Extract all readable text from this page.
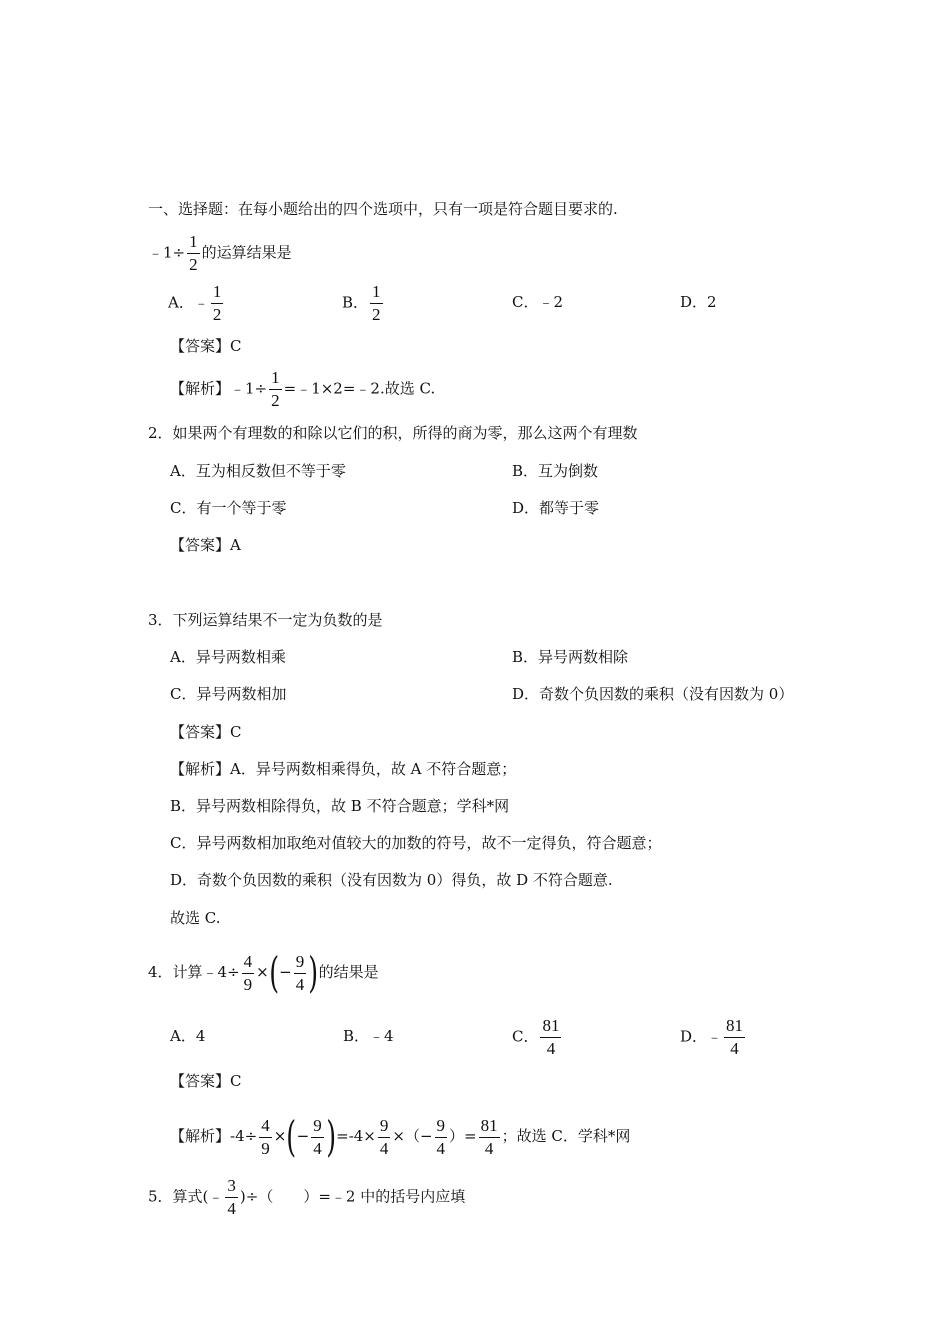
一、选择题：在每小题给出的四个选项中，只有一项是符合题目要求的.
﹣1÷ $\frac{1}{2}$ 的运算结果是
A．﹣ $\frac{1}{2}$	B． $\frac{1}{2}$	C．﹣2	D．2
【答案】C
【解析】﹣1÷ $\frac{1}{2}$ =﹣1×2=﹣2.故选 C.
2．如果两个有理数的和除以它们的积，所得的商为零，那么这两个有理数
A．互为相反数但不等于零	B．互为倒数
C．有一个等于零	D．都等于零
【答案】A
3．下列运算结果不一定为负数的是
A．异号两数相乘	B．异号两数相除
C．异号两数相加	D．奇数个负因数的乘积（没有因数为 0）
【答案】C
【解析】A．异号两数相乘得负，故 A 不符合题意；
B．异号两数相除得负，故 B 不符合题意；学科*网
C．异号两数相加取绝对值较大的加数的符号，故不一定得负，符合题意；
D．奇数个负因数的乘积（没有因数为 0）得负，故 D 不符合题意.
故选 C.
4．计算﹣4÷ $\frac{4}{9}$ ×(− $\frac{9}{4}$ )的结果是
A．4	B．﹣4	C． $\frac{81}{4}$	D．﹣ $\frac{81}{4}$
【答案】C
【解析】$-4\div \frac{4}{9}$ ×(− $\frac{9}{4} )=-4\times \frac{9}{4}$ ×（− $\frac{9}{4}$ ）= $\frac{81}{4}$ ；故选 C．学科*网
5．算式(﹣ $\frac{3}{4}$ )÷（　　）=﹣2 中的括号内应填
